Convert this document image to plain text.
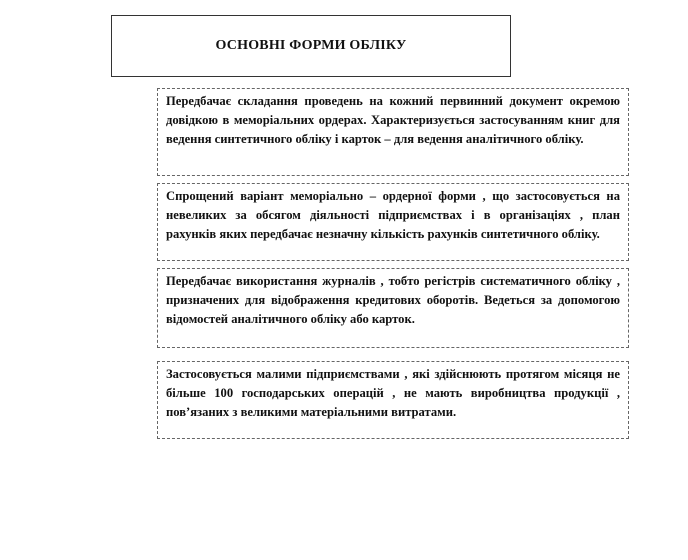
ОСНОВНІ ФОРМИ ОБЛІКУ
Передбачає складання проведень на кожний первинний документ окремою довідкою в меморіальних ордерах. Характеризується застосуванням книг для ведення синтетичного обліку і карток – для ведення аналітичного обліку.
Спрощений варіант меморіально – ордерної форми , що застосовується на невеликих за обсягом діяльності підприємствах і в організаціях , план рахунків яких передбачає незначну кількість рахунків синтетичного обліку.
Передбачає використання журналів , тобто регістрів систематичного обліку , призначених для відображення кредитових оборотів. Ведеться за допомогою відомостей аналітичного обліку або карток.
Застосовується малими підприємствами , які здійснюють протягом місяця не більше 100 господарських операцій , не мають виробництва продукції , пов’язаних з великими матеріальними витратами.
